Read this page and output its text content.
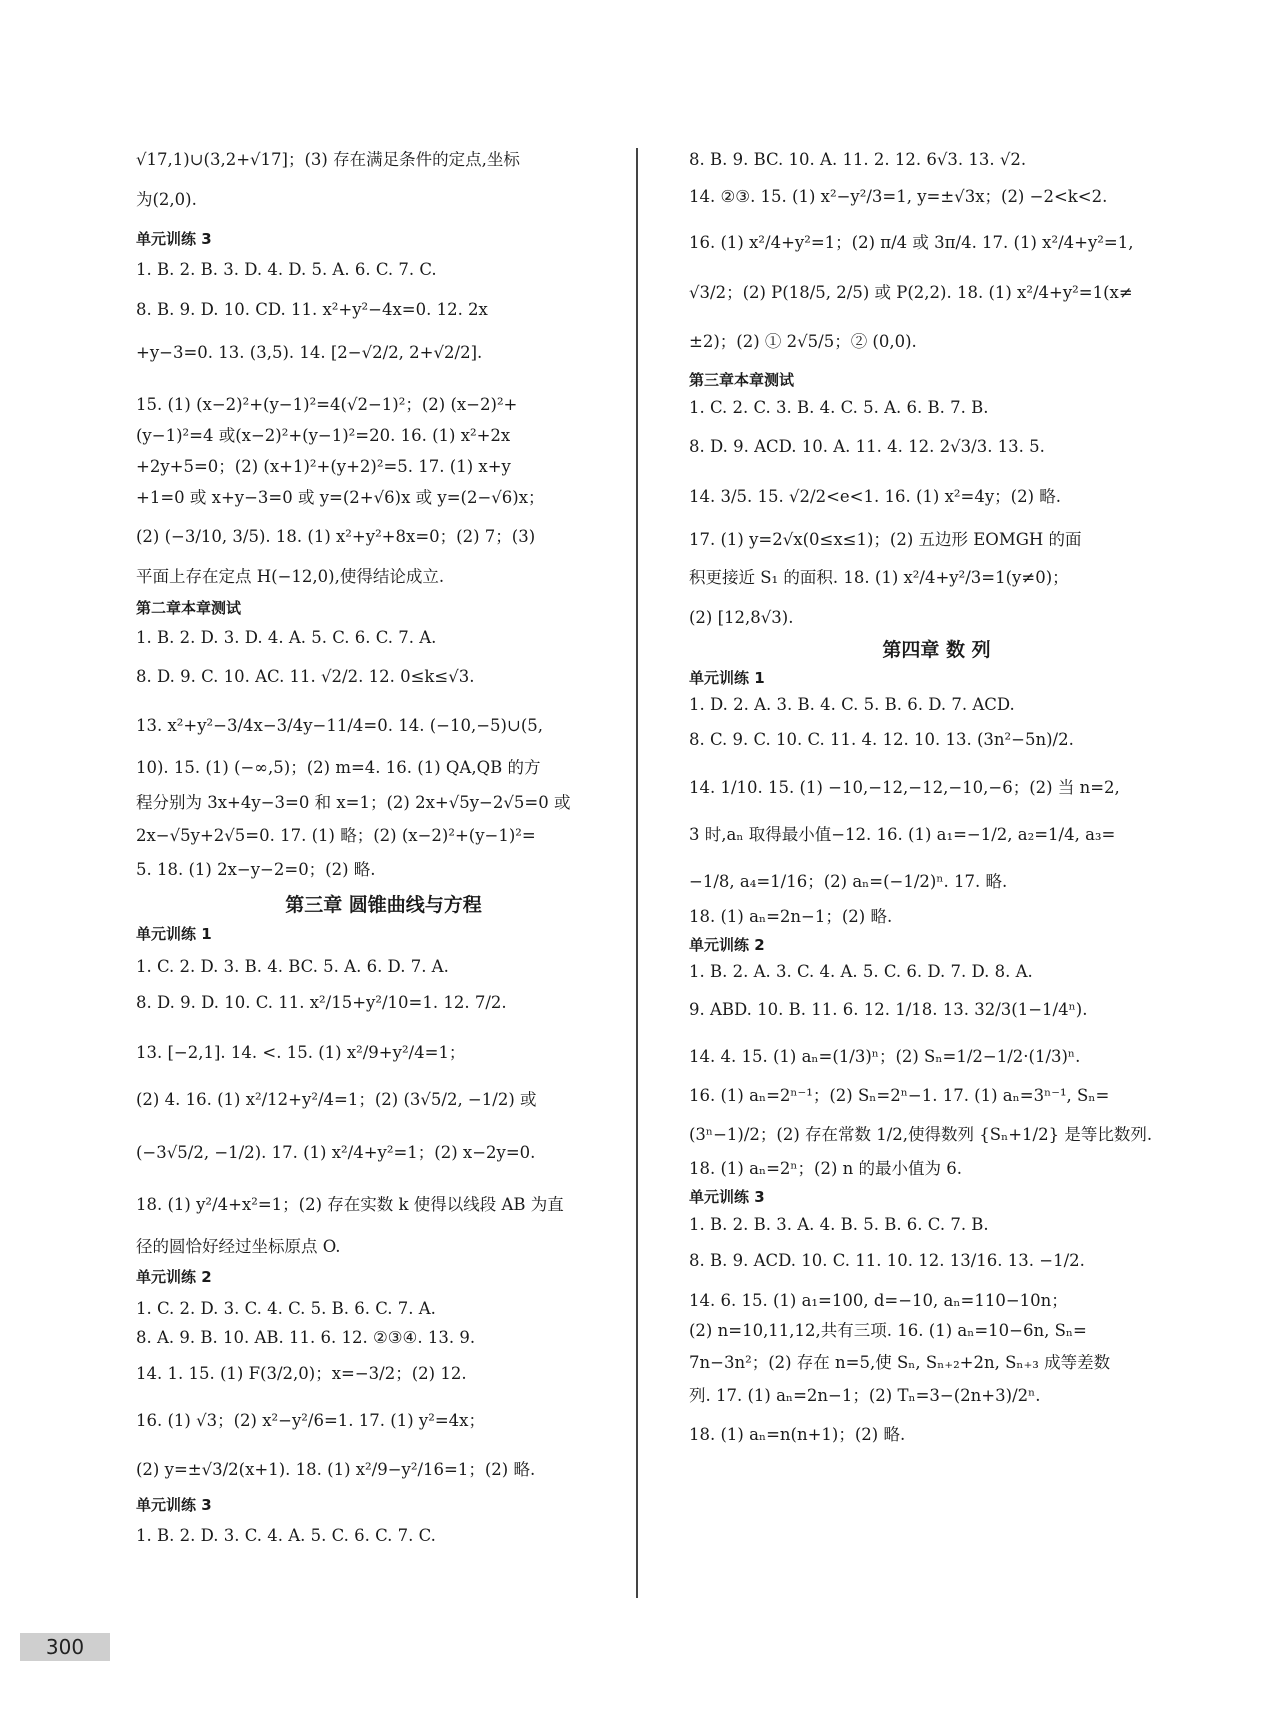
√17,1)∪(3,2+√17]；(3) 存在满足条件的定点,坐标
为(2,0).
单元训练 3
1. B. 2. B. 3. D. 4. D. 5. A. 6. C. 7. C.
8. B. 9. D. 10. CD. 11. x²+y²−4x=0. 12. 2x
+y−3=0. 13. (3,5). 14. [2−√2/2, 2+√2/2].
15. (1) (x−2)²+(y−1)²=4(√2−1)²；(2) (x−2)²+
(y−1)²=4 或(x−2)²+(y−1)²=20. 16. (1) x²+2x
+2y+5=0；(2) (x+1)²+(y+2)²=5. 17. (1) x+y
+1=0 或 x+y−3=0 或 y=(2+√6)x 或 y=(2−√6)x；
(2) (−3/10, 3/5). 18. (1) x²+y²+8x=0；(2) 7；(3)
平面上存在定点 H(−12,0),使得结论成立.
第二章本章测试
1. B. 2. D. 3. D. 4. A. 5. C. 6. C. 7. A.
8. D. 9. C. 10. AC. 11. √2/2. 12. 0≤k≤√3.
13. x²+y²−3/4x−3/4y−11/4=0. 14. (−10,−5)∪(5,
10). 15. (1) (−∞,5)；(2) m=4. 16. (1) QA,QB 的方
程分别为 3x+4y−3=0 和 x=1；(2) 2x+√5y−2√5=0 或
2x−√5y+2√5=0. 17. (1) 略；(2) (x−2)²+(y−1)²=
5. 18. (1) 2x−y−2=0；(2) 略.
第三章 圆锥曲线与方程
单元训练 1
1. C. 2. D. 3. B. 4. BC. 5. A. 6. D. 7. A.
8. D. 9. D. 10. C. 11. x²/15+y²/10=1. 12. 7/2.
13. [−2,1]. 14. <. 15. (1) x²/9+y²/4=1；
(2) 4. 16. (1) x²/12+y²/4=1；(2) (3√5/2, −1/2) 或
(−3√5/2, −1/2). 17. (1) x²/4+y²=1；(2) x−2y=0.
18. (1) y²/4+x²=1；(2) 存在实数 k 使得以线段 AB 为直
径的圆恰好经过坐标原点 O.
单元训练 2
1. C. 2. D. 3. C. 4. C. 5. B. 6. C. 7. A.
8. A. 9. B. 10. AB. 11. 6. 12. ②③④. 13. 9.
14. 1. 15. (1) F(3/2,0)；x=−3/2；(2) 12.
16. (1) √3；(2) x²−y²/6=1. 17. (1) y²=4x；
(2) y=±√3/2(x+1). 18. (1) x²/9−y²/16=1；(2) 略.
单元训练 3
1. B. 2. D. 3. C. 4. A. 5. C. 6. C. 7. C.
8. B. 9. BC. 10. A. 11. 2. 12. 6√3. 13. √2.
14. ②③. 15. (1) x²−y²/3=1, y=±√3x；(2) −2<k<2.
16. (1) x²/4+y²=1；(2) π/4 或 3π/4. 17. (1) x²/4+y²=1,
√3/2；(2) P(18/5, 2/5) 或 P(2,2). 18. (1) x²/4+y²=1(x≠
±2)；(2) ① 2√5/5；② (0,0).
第三章本章测试
1. C. 2. C. 3. B. 4. C. 5. A. 6. B. 7. B.
8. D. 9. ACD. 10. A. 11. 4. 12. 2√3/3. 13. 5.
14. 3/5. 15. √2/2<e<1. 16. (1) x²=4y；(2) 略.
17. (1) y=2√x(0≤x≤1)；(2) 五边形 EOMGH 的面
积更接近 S₁ 的面积. 18. (1) x²/4+y²/3=1(y≠0)；
(2) [12,8√3).
第四章 数 列
单元训练 1
1. D. 2. A. 3. B. 4. C. 5. B. 6. D. 7. ACD.
8. C. 9. C. 10. C. 11. 4. 12. 10. 13. (3n²−5n)/2.
14. 1/10. 15. (1) −10,−12,−12,−10,−6；(2) 当 n=2,
3 时,aₙ 取得最小值−12. 16. (1) a₁=−1/2, a₂=1/4, a₃=
−1/8, a₄=1/16；(2) aₙ=(−1/2)ⁿ. 17. 略.
18. (1) aₙ=2n−1；(2) 略.
单元训练 2
1. B. 2. A. 3. C. 4. A. 5. C. 6. D. 7. D. 8. A.
9. ABD. 10. B. 11. 6. 12. 1/18. 13. 32/3(1−1/4ⁿ).
14. 4. 15. (1) aₙ=(1/3)ⁿ；(2) Sₙ=1/2−1/2·(1/3)ⁿ.
16. (1) aₙ=2ⁿ⁻¹；(2) Sₙ=2ⁿ−1. 17. (1) aₙ=3ⁿ⁻¹, Sₙ=
(3ⁿ−1)/2；(2) 存在常数 1/2,使得数列 {Sₙ+1/2} 是等比数列.
18. (1) aₙ=2ⁿ；(2) n 的最小值为 6.
单元训练 3
1. B. 2. B. 3. A. 4. B. 5. B. 6. C. 7. B.
8. B. 9. ACD. 10. C. 11. 10. 12. 13/16. 13. −1/2.
14. 6. 15. (1) a₁=100, d=−10, aₙ=110−10n；
(2) n=10,11,12,共有三项. 16. (1) aₙ=10−6n, Sₙ=
7n−3n²；(2) 存在 n=5,使 Sₙ, Sₙ₊₂+2n, Sₙ₊₃ 成等差数
列. 17. (1) aₙ=2n−1；(2) Tₙ=3−(2n+3)/2ⁿ.
18. (1) aₙ=n(n+1)；(2) 略.
300
